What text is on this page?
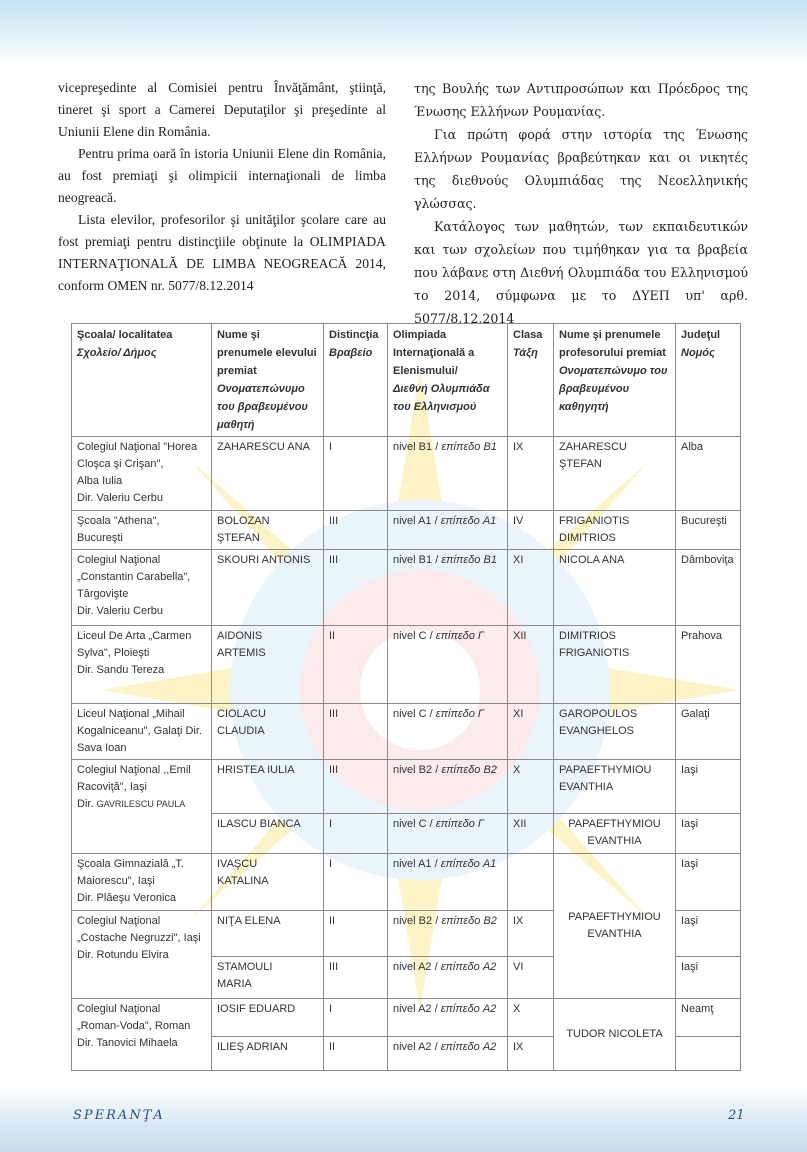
vicepreşedinte al Comisiei pentru Învăţământ, ştiinţă, tineret şi sport a Camerei Deputaţilor şi preşedinte al Uniunii Elene din România.

Pentru prima oară în istoria Uniunii Elene din România, au fost premiaţi şi olimpicii internaţionali de limba neogreacă.

Lista elevilor, profesorilor şi unităţilor şcolare care au fost premiaţi pentru distincţiile obţinute la OLIMPIADA INTERNAŢIONALĂ DE LIMBA NEOGREACĂ 2014, conform OMEN nr. 5077/8.12.2014

της Βουλής των Αντιπροσώπων και Πρόεδρος της Ένωσης Ελλήνων Ρουμανίας.

Για πρώτη φορά στην ιστορία της Ένωσης Ελλήνων Ρουμανίας βραβεύτηκαν και οι νικητές της διεθνούς Ολυμπιάδας της Νεοελληνικής γλώσσας.

Κατάλογος των μαθητών, των εκπαιδευτικών και των σχολείων που τιμήθηκαν για τα βραβεία που λάβανε στη Διεθνή Ολυμπιάδα του Ελληνισμού το 2014, σύμφωνα με το ΔΥΕΠ υπ' αρθ. 5077/8.12.2014

Şcoala/ localitatea
Σχολείο/ Δήμος	Nume şi prenumele elevului premiat
Ονοματεπώνυμο του βραβευμένου μαθητή	Distincţia
Βραβείο	Olimpiada Internaţională a Elenismului/
Διεθνή Ολυμπιάδα του Ελληνισμού	Clasa
Τάξη	Nume şi prenumele profesorului premiat
Ονοματεπώνυμο του βραβευμένου καθηγητή	Judeţul
Νομός
Colegiul Naţional "Horea
Cloşca şi Crişan",
Alba Iulia
Dir. Valeriu Cerbu	ZAHARESCU ANA	I	nivel B1 / επίπεδο B1	IX	ZAHARESCU
ŞTEFAN	Alba
Şcoala "Athena",
Bucureşti	BOLOZAN
ŞTEFAN	III	nivel A1 / επίπεδο A1	IV	FRIGANIOTIS
DIMITRIOS	Bucureşti
Colegiul Naţional
„Constantin Carabella",
Târgovişte
Dir. Valeriu Cerbu	SKOURI ANTONIS	III	nivel B1 / επίπεδο B1	XI	NICOLA ANA	Dâmboviţa
Liceul De Arta „Carmen
Sylva", Ploieşti
Dir. Sandu Tereza	AIDONIS
ARTEMIS	II	nivel C / επίπεδο Γ	XII	DIMITRIOS
FRIGANIOTIS	Prahova
Liceul Naţional „Mihail
Kogalniceanu", Galaţi Dir.
Sava Ioan	CIOLACU
CLAUDIA	III	nivel C / επίπεδο Γ	XI	GAROPOULOS
EVANGHELOS	Galaţi
Colegiul Naţional ,,Emil
Racoviţă", Iaşi
Dir. GAVRILESCU PAULA	HRISTEA IULIA	III	nivel B2 / επίπεδο B2	X	PAPAEFTHYMIOU
EVANTHIA	Iaşi
	ILASCU BIANCA	I	nivel C / επίπεδο Γ	XII	PAPAEFTHYMIOU
EVANTHIA	Iaşi
Şcoala Gimnazială „T.
Maiorescu", Iaşi
Dir. Plăeşu Veronica	IVAŞCU
KATALINA	I	nivel A1 / επίπεδο A1		PAPAEFTHYMIOU
EVANTHIA	Iaşi
Colegiul Naţional
„Costache Negruzzi", Iaşi
Dir. Rotundu Elvira	NIŢA ELENA	II	nivel B2 / επίπεδο B2	IX		Iaşi
	STAMOULI
MARIA	III	nivel A2 / επίπεδο A2	VI		Iaşi
Colegiul Naţional
„Roman-Voda", Roman
Dir. Tanovici Mihaela	IOSIF EDUARD	I	nivel A2 / επίπεδο A2	X	TUDOR NICOLETA	Neamţ
	ILIEŞ ADRIAN	II	nivel A2 / επίπεδο A2	IX		
SPERANŢA	21
